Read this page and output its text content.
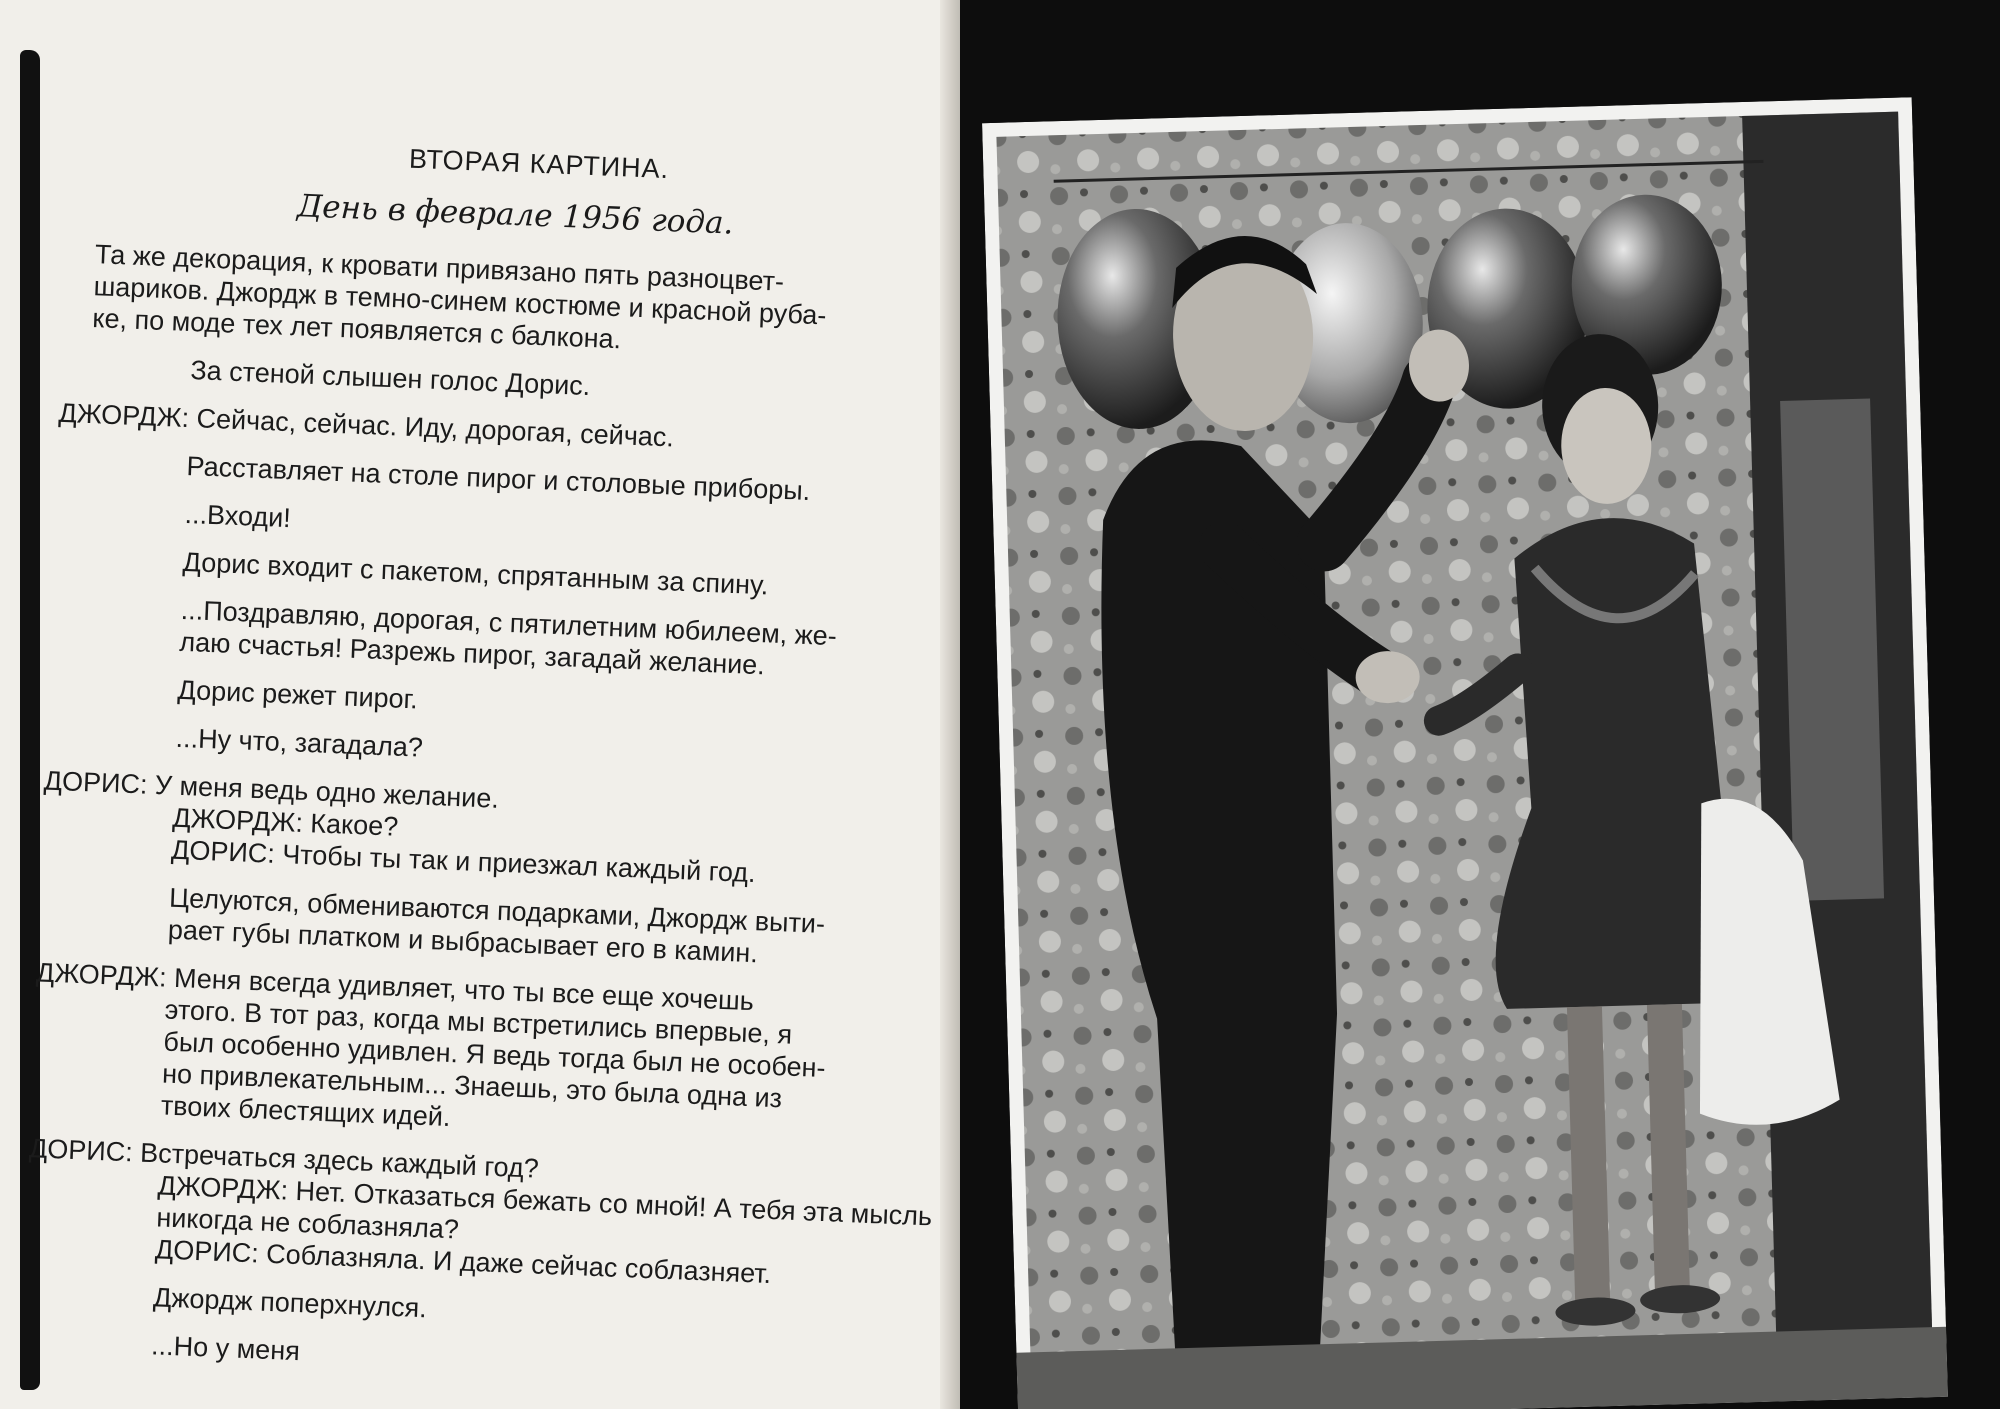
ВТОРАЯ КАРТИНА.
День в феврале 1956 года.
Та же декорация, к кровати привязано пять разноцвет-
шариков. Джордж в темно-синем костюме и красной руба-
ке, по моде тех лет появляется с балкона.
За стеной слышен голос Дорис.
ДЖОРДЖ: Сейчас, сейчас. Иду, дорогая, сейчас.
Расставляет на столе пирог и столовые приборы.
...Входи!
Дорис входит с пакетом, спрятанным за спину.
...Поздравляю, дорогая, с пятилетним юбилеем, же-
лаю счастья! Разрежь пирог, загадай желание.
Дорис режет пирог.
...Ну что, загадала?
ДОРИС: У меня ведь одно желание.
ДЖОРДЖ: Какое?
ДОРИС: Чтобы ты так и приезжал каждый год.
Целуются, обмениваются подарками, Джордж выти-
рает губы платком и выбрасывает его в камин.
ДЖОРДЖ: Меня всегда удивляет, что ты все еще хочешь
этого. В тот раз, когда мы встретились впервые, я
был особенно удивлен. Я ведь тогда был не особен-
но привлекательным... Знаешь, это была одна из
твоих блестящих идей.
ДОРИС: Встречаться здесь каждый год?
ДЖОРДЖ: Нет. Отказаться бежать со мной! А тебя эта мысль
никогда не соблазняла?
ДОРИС: Соблазняла. И даже сейчас соблазняет.
Джордж поперхнулся.
...Но у меня
